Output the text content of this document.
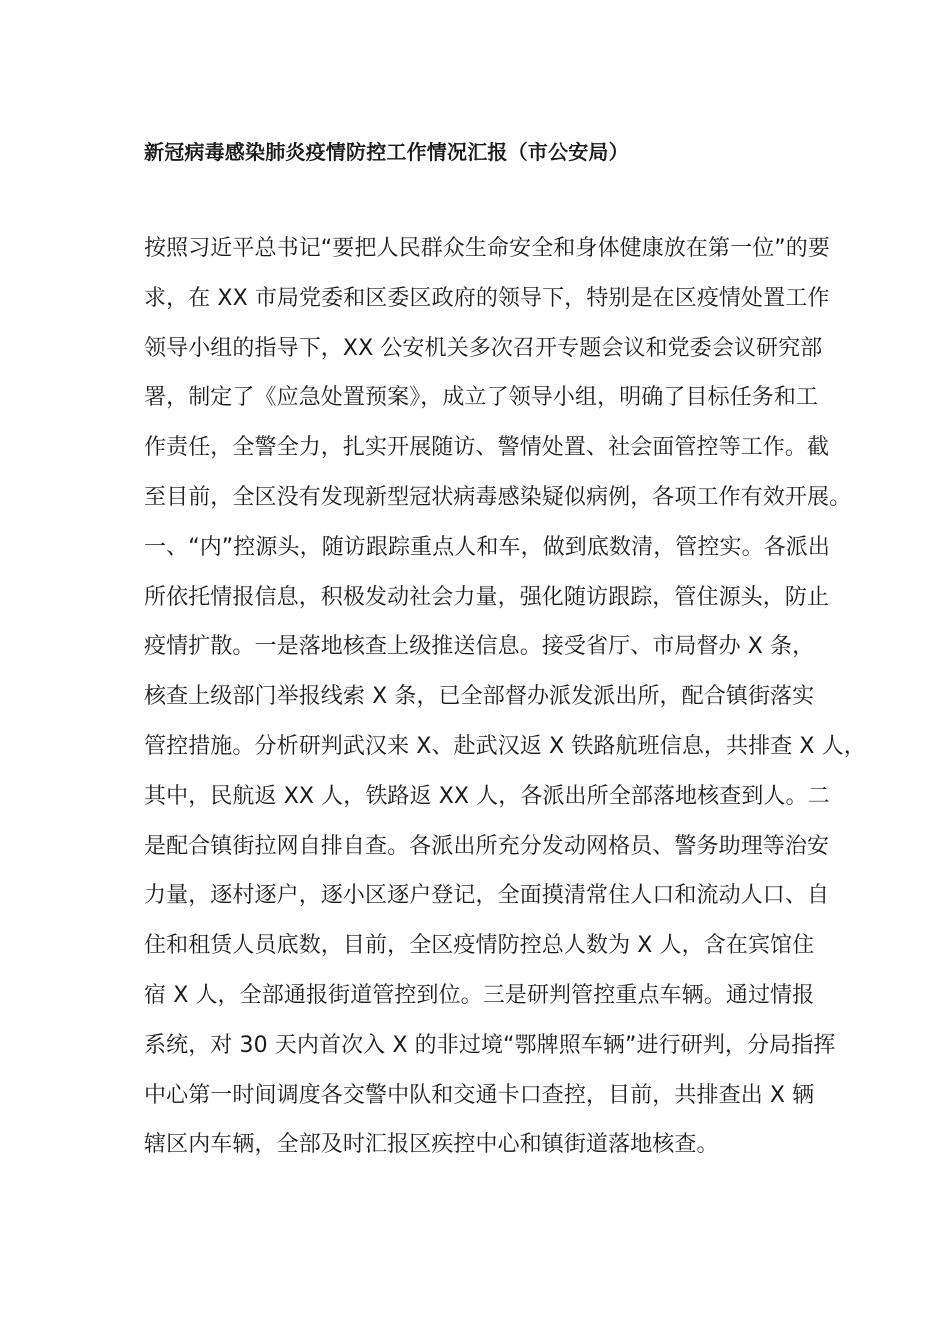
新冠病毒感染肺炎疫情防控工作情况汇报（市公安局）
按照习近平总书记“要把人民群众生命安全和身体健康放在第一位”的要
求，在 XX 市局党委和区委区政府的领导下，特别是在区疫情处置工作
领导小组的指导下，XX 公安机关多次召开专题会议和党委会议研究部
署，制定了《应急处置预案》，成立了领导小组，明确了目标任务和工
作责任，全警全力，扎实开展随访、警情处置、社会面管控等工作。截
至目前，全区没有发现新型冠状病毒感染疑似病例，各项工作有效开展。
一、“内”控源头，随访跟踪重点人和车，做到底数清，管控实。各派出
所依托情报信息，积极发动社会力量，强化随访跟踪，管住源头，防止
疫情扩散。一是落地核查上级推送信息。接受省厅、市局督办 X 条，
核查上级部门举报线索 X 条，已全部督办派发派出所，配合镇街落实
管控措施。分析研判武汉来 X、赴武汉返 X 铁路航班信息，共排查 X 人，
其中，民航返 XX 人，铁路返 XX 人，各派出所全部落地核查到人。二
是配合镇街拉网自排自查。各派出所充分发动网格员、警务助理等治安
力量，逐村逐户，逐小区逐户登记，全面摸清常住人口和流动人口、自
住和租赁人员底数，目前，全区疫情防控总人数为 X 人，含在宾馆住
宿 X 人，全部通报街道管控到位。三是研判管控重点车辆。通过情报
系统，对 30 天内首次入 X 的非过境“鄂牌照车辆”进行研判，分局指挥
中心第一时间调度各交警中队和交通卡口查控，目前，共排查出 X 辆
辖区内车辆，全部及时汇报区疾控中心和镇街道落地核查。
